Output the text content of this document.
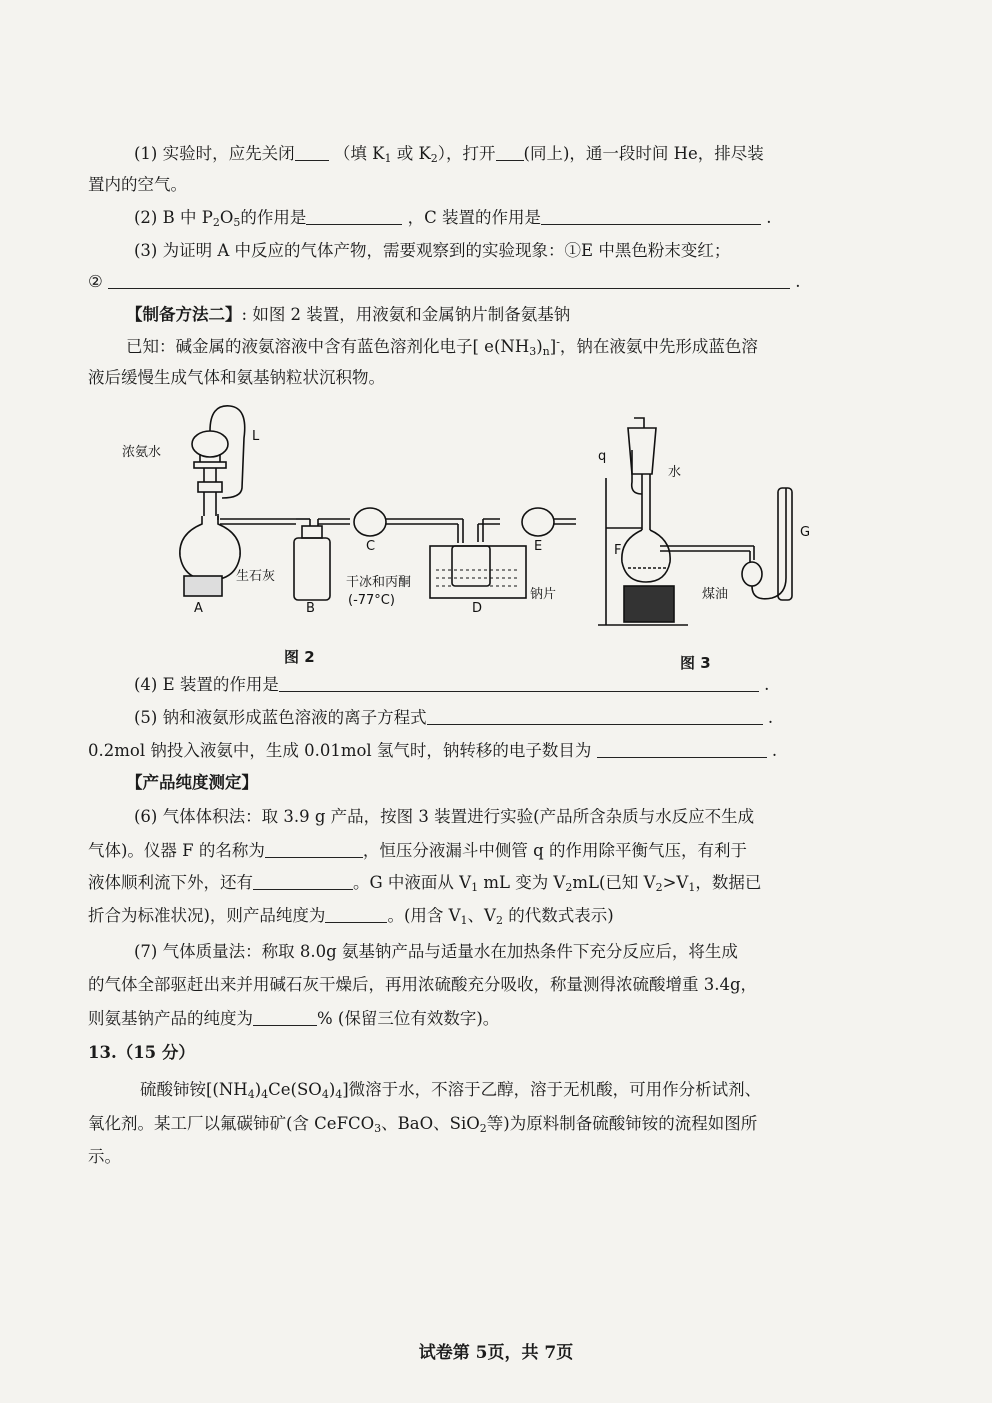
(1) 实验时，应先关闭 （填 $K_1$ 或 $K_2$），打开 (同上)，通一段时间 He，排尽装
置内的空气。
(2) B 中 $P_2O_5$的作用是	，C 装置的作用是	.
(3) 为证明 A 中反应的气体产物，需要观察到的实验现象：①E 中黑色粉末变红；
②	.
【制备方法二】: 如图 2 装置，用液氨和金属钠片制备氨基钠
已知：碱金属的液氨溶液中含有蓝色溶剂化电子[ $e(NH_3)_n]^-$，钠在液氨中先形成蓝色溶
液后缓慢生成气体和氨基钠粒状沉积物。
浓氨水
L
生石灰
A	B
C
D
E
干冰和丙酮
(-77°C)	钠片
图 2
q
水
F
煤油
G
图 3
(4) E 装置的作用是	.
(5) 钠和液氨形成蓝色溶液的离子方程式	.
0.2mol 钠投入液氨中，生成 0.01mol 氢气时，钠转移的电子数目为	.
【产品纯度测定】
(6) 气体体积法：取 3.9 g 产品，按图 3 装置进行实验(产品所含杂质与水反应不生成
气体)。仪器 F 的名称为	，恒压分液漏斗中侧管 q 的作用除平衡气压，有利于
液体顺利流下外，还有	。G 中液面从 $V_1$ mL 变为 $V_2mL$(已知 $V_2>V_1$，数据已
折合为标准状况)，则产品纯度为	。(用含 $V_1$、$V_2$ 的代数式表示)
(7) 气体质量法：称取 8.0g 氨基钠产品与适量水在加热条件下充分反应后，将生成
的气体全部驱赶出来并用碱石灰干燥后，再用浓硫酸充分吸收，称量测得浓硫酸增重 3.4g，
则氨基钠产品的纯度为	% (保留三位有效数字)。
13.（15 分）
硫酸铈铵$[(NH_4)_4Ce(SO_4)_4]$微溶于水，不溶于乙醇，溶于无机酸，可用作分析试剂、
氧化剂。某工厂以氟碳铈矿(含 CeFCO$_3$、BaO、SiO$_2$等)为原料制备硫酸铈铵的流程如图所
示。
试卷第 5页，共 7页
